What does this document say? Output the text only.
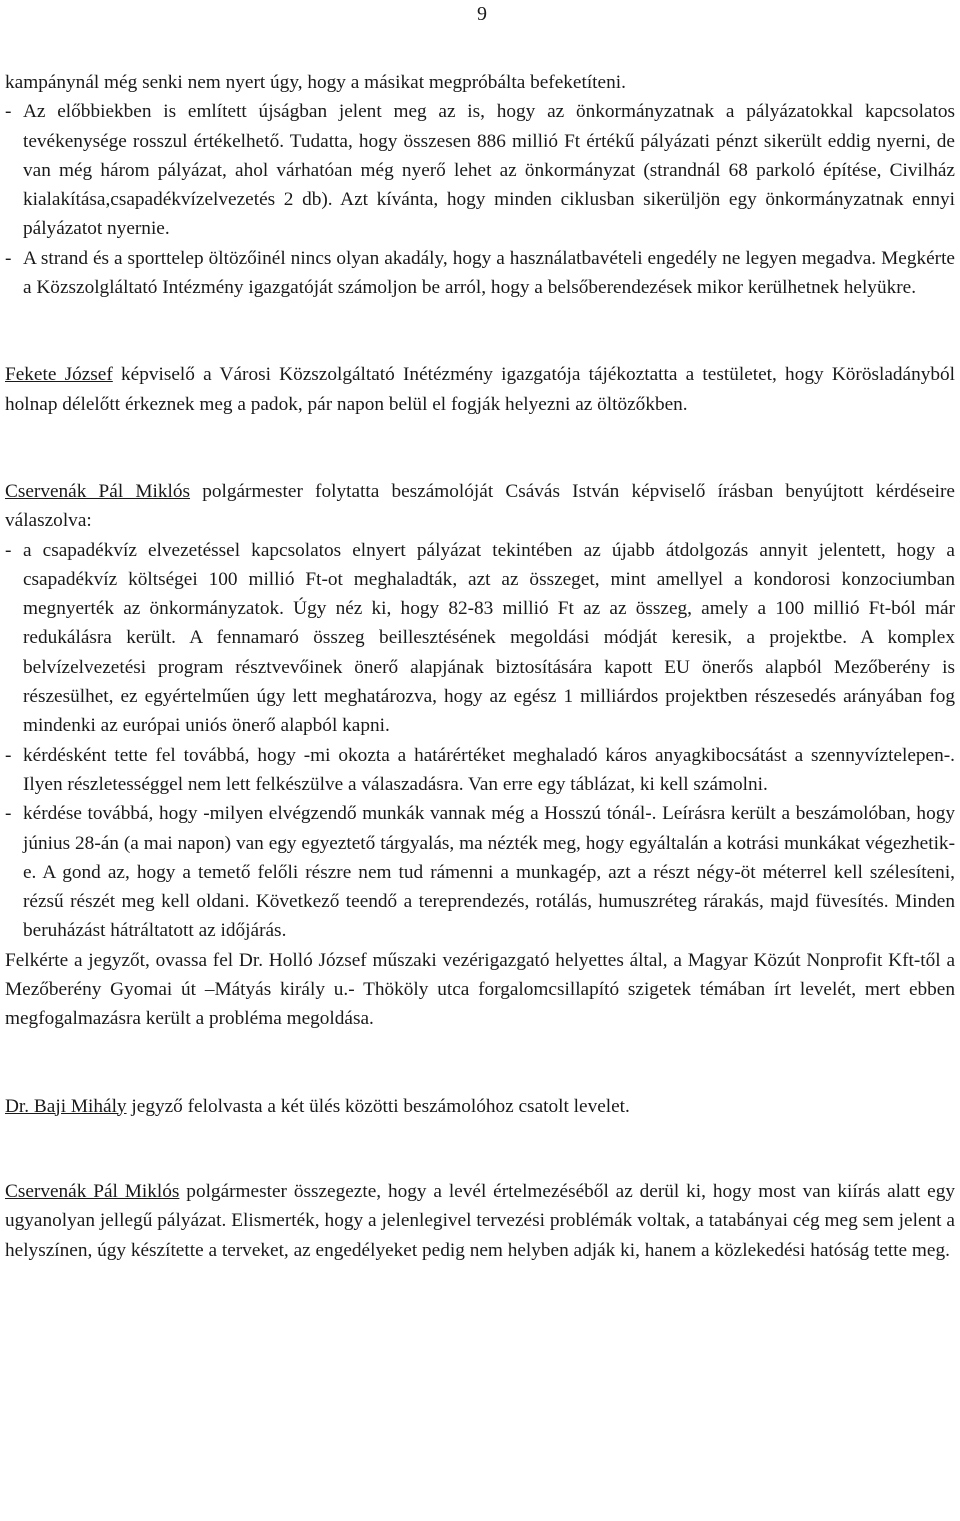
9

kampánynál még senki nem nyert úgy, hogy a másikat megpróbálta befeketíteni.

- Az előbbiekben is említett újságban jelent meg az is, hogy az önkormányzatnak a pályázatokkal kapcsolatos tevékenysége rosszul értékelhető. Tudatta, hogy összesen 886 millió Ft értékű pályázati pénzt sikerült eddig nyerni, de van még három pályázat, ahol várhatóan még nyerő lehet az önkormányzat (strandnál 68 parkoló építése, Civilház kialakítása,csapadékvízelvezetés 2 db). Azt kívánta, hogy minden ciklusban sikerüljön egy önkormányzatnak ennyi pályázatot nyernie.
- A strand és a sporttelep öltözőinél nincs olyan akadály, hogy a használatbavételi engedély ne legyen megadva. Megkérte a Közszolgláltató Intézmény igazgatóját számoljon be arról, hogy a belsőberendezések mikor kerülhetnek helyükre.

Fekete József képviselő a Városi Közszolgáltató Inétézmény igazgatója tájékoztatta a testületet, hogy Körösladányból holnap délelőtt érkeznek meg a padok, pár napon belül el fogják helyezni az öltözőkben.

Cservenák Pál Miklós polgármester folytatta beszámolóját Csávás István képviselő írásban benyújtott kérdéseire válaszolva:

- a csapadékvíz elvezetéssel kapcsolatos elnyert pályázat tekintében az újabb átdolgozás annyit jelentett, hogy a csapadékvíz költségei 100 millió Ft-ot meghaladták, azt az összeget, mint amellyel a kondorosi konzociumban megnyerték az önkormányzatok. Úgy néz ki, hogy 82-83 millió Ft az az összeg, amely a 100 millió Ft-ból már redukálásra került. A fennamaró összeg beillesztésének megoldási módját keresik, a projektbe. A komplex belvízelvezetési program résztvevőinek önerő alapjának biztosítására kapott EU önerős alapból Mezőberény is részesülhet, ez egyértelműen úgy lett meghatározva, hogy az egész 1 milliárdos projektben részesedés arányában fog mindenki az európai uniós önerő alapból kapni.
- kérdésként tette fel továbbá, hogy -mi okozta a határértéket meghaladó káros anyagkibocsátást a szennyvíztelepen-. Ilyen részletességgel nem lett felkészülve a válaszadásra. Van erre egy táblázat, ki kell számolni.
- kérdése továbbá, hogy -milyen elvégzendő munkák vannak még a Hosszú tónál-. Leírásra került a beszámolóban, hogy június 28-án (a mai napon) van egy egyeztető tárgyalás, ma nézték meg, hogy egyáltalán a kotrási munkákat végezhetik-e. A gond az, hogy a temető felőli részre nem tud rámenni a munkagép, azt a részt négy-öt méterrel kell szélesíteni, rézsű részét meg kell oldani. Következő teendő a tereprendezés, rotálás, humuszréteg rárakás, majd füvesítés. Minden beruházást hátráltatott az időjárás.

Felkérte a jegyzőt, ovassa fel Dr. Holló József műszaki vezérigazgató helyettes által, a Magyar Közút Nonprofit Kft-től a Mezőberény Gyomai út –Mátyás király u.- Thököly utca forgalomcsillapító szigetek témában írt levelét, mert ebben megfogalmazásra került a probléma megoldása.

Dr. Baji Mihály jegyző felolvasta a két ülés közötti beszámolóhoz csatolt levelet.

Cservenák Pál Miklós polgármester összegezte, hogy a levél értelmezéséből az derül ki, hogy most van kiírás alatt egy ugyanolyan jellegű pályázat. Elismerték, hogy a jelenlegivel tervezési problémák voltak, a tatabányai cég meg sem jelent a helyszínen, úgy készítette a terveket, az engedélyeket pedig nem helyben adják ki, hanem a közlekedési hatóság tette meg.
